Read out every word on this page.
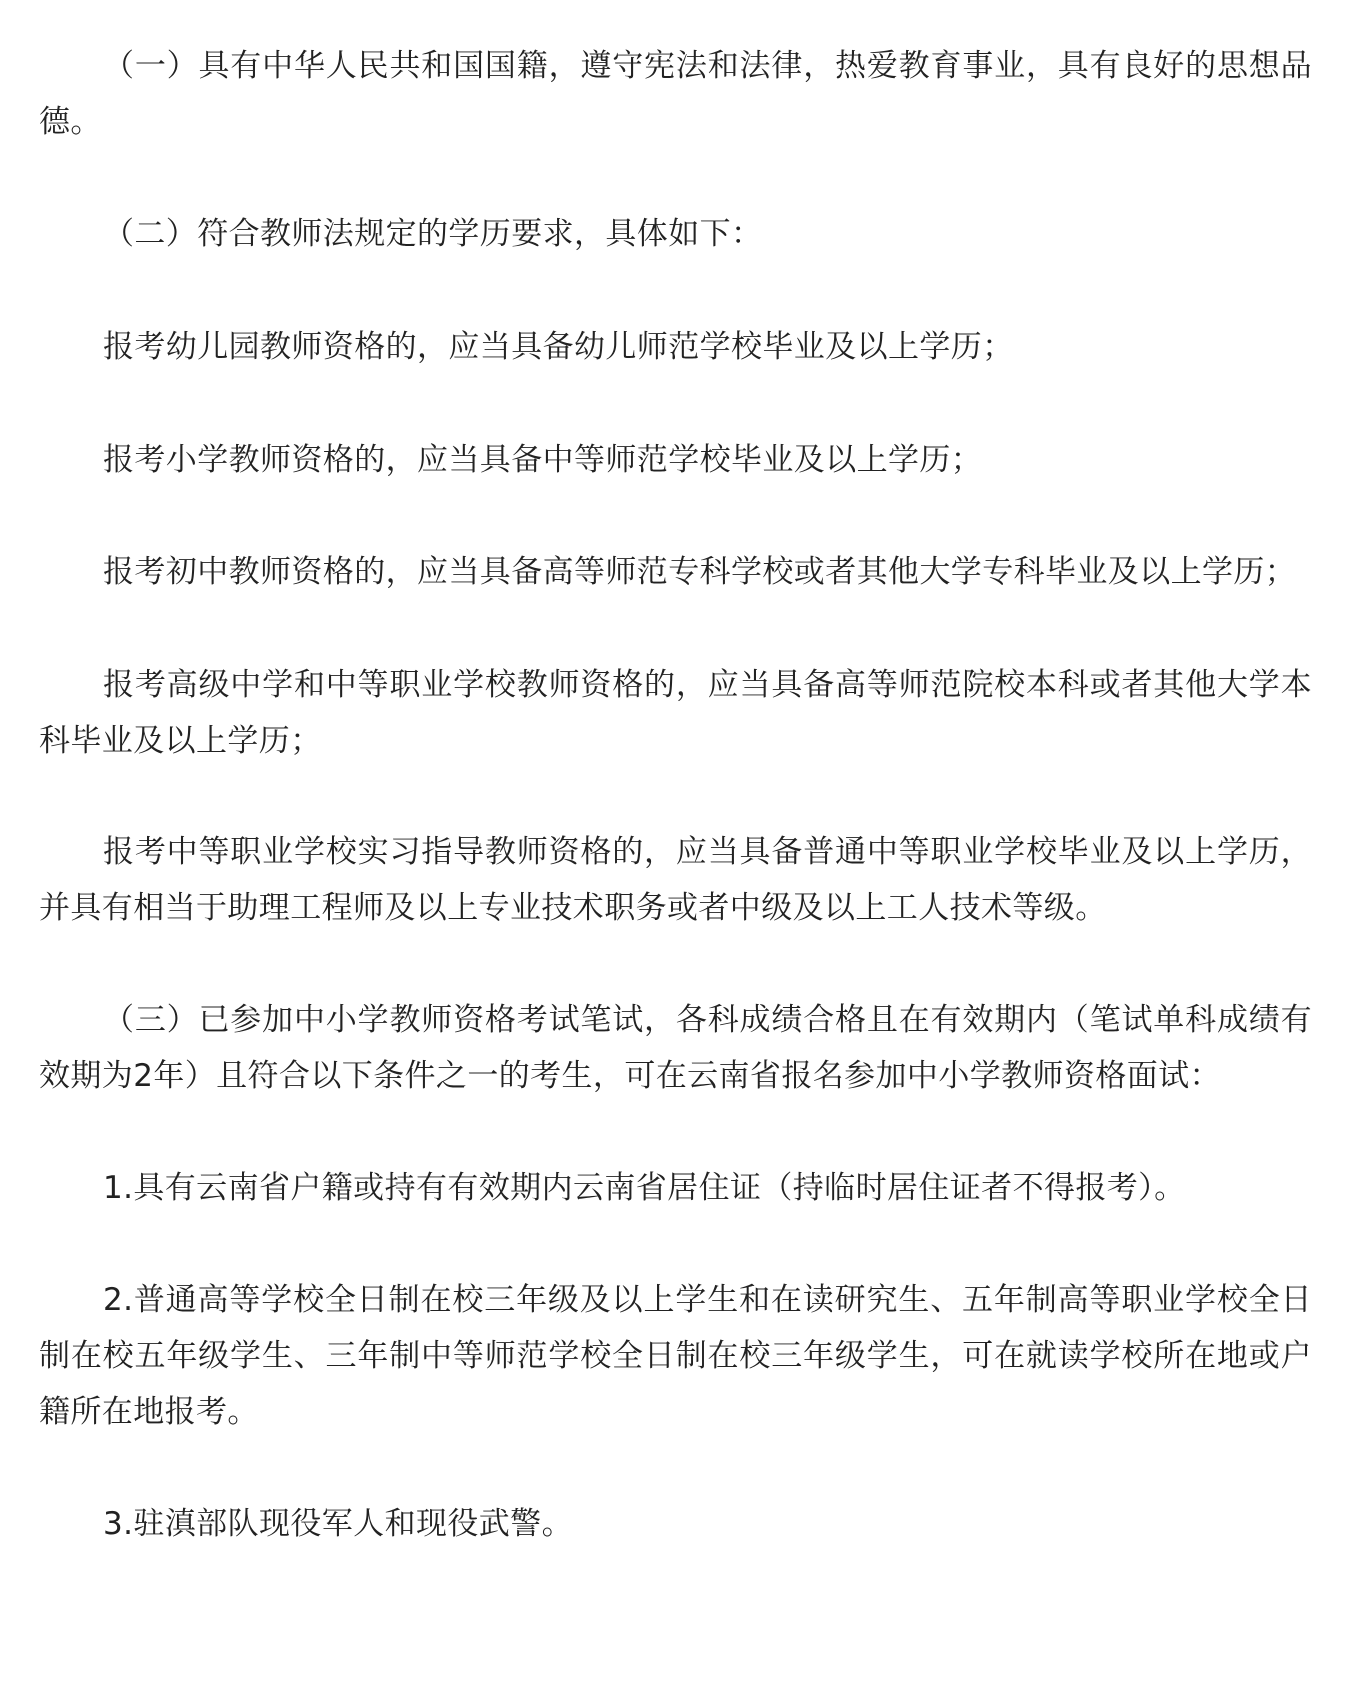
（一）具有中华人民共和国国籍，遵守宪法和法律，热爱教育事业，具有良好的思想品德。

（二）符合教师法规定的学历要求，具体如下：

报考幼儿园教师资格的，应当具备幼儿师范学校毕业及以上学历；

报考小学教师资格的，应当具备中等师范学校毕业及以上学历；

报考初中教师资格的，应当具备高等师范专科学校或者其他大学专科毕业及以上学历；

报考高级中学和中等职业学校教师资格的，应当具备高等师范院校本科或者其他大学本科毕业及以上学历；

报考中等职业学校实习指导教师资格的，应当具备普通中等职业学校毕业及以上学历，并具有相当于助理工程师及以上专业技术职务或者中级及以上工人技术等级。

（三）已参加中小学教师资格考试笔试，各科成绩合格且在有效期内（笔试单科成绩有效期为2年）且符合以下条件之一的考生，可在云南省报名参加中小学教师资格面试：

1.具有云南省户籍或持有有效期内云南省居住证（持临时居住证者不得报考）。

2.普通高等学校全日制在校三年级及以上学生和在读研究生、五年制高等职业学校全日制在校五年级学生、三年制中等师范学校全日制在校三年级学生，可在就读学校所在地或户籍所在地报考。

3.驻滇部队现役军人和现役武警。
